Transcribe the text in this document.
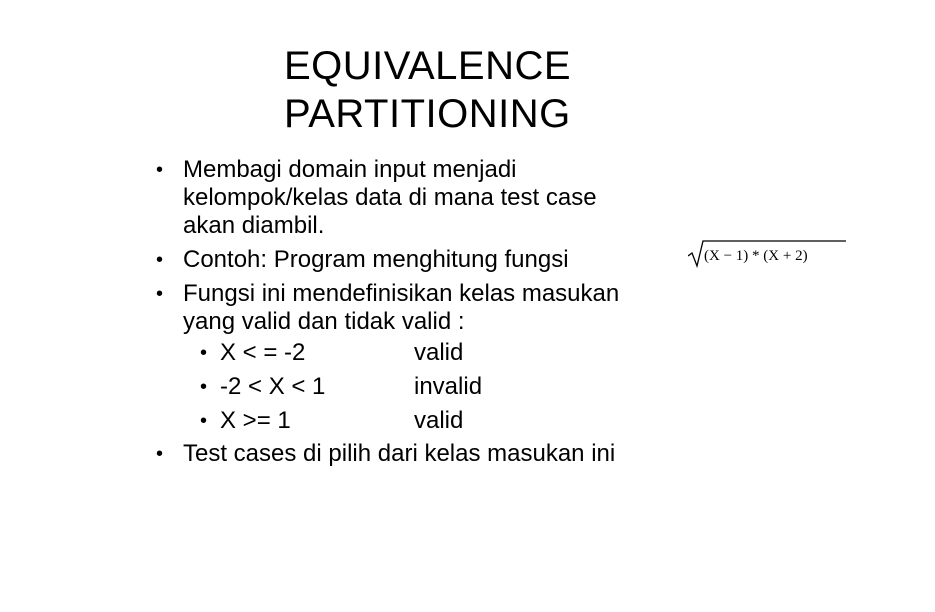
EQUIVALENCE
PARTITIONING
(X − 1) * (X + 2)
• Membagi domain input menjadi
kelompok/kelas data di mana test case
akan diambil.
• Contoh: Program menghitung fungsi
• Fungsi ini mendefinisikan kelas masukan
yang valid dan tidak valid :
• X < = -2	valid
• -2 < X < 1	invalid
• X >= 1	valid
• Test cases di pilih dari kelas masukan ini
